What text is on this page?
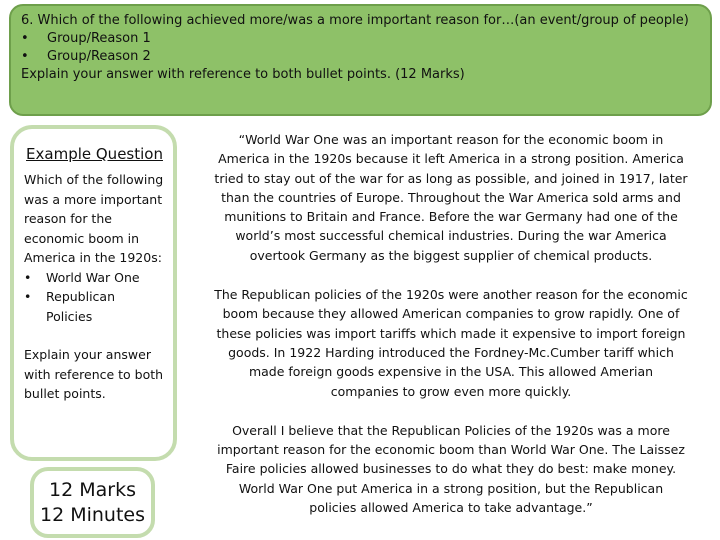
6. Which of the following achieved more/was a more important reason for…(an event/group of people)

•	Group/Reason 1
•	Group/Reason 2

Explain your answer with reference to both bullet points. (12 Marks)

Example Question

Which of the following was a more important reason for the economic boom in America in the 1920s:

•	World War One
•	Republican Policies

Explain your answer with reference to both bullet points.

12 Marks
12 Minutes

“World War One was an important reason for the economic boom in America in the 1920s because it left America in a strong position. America tried to stay out of the war for as long as possible, and joined in 1917, later than the countries of Europe. Throughout the War America sold arms and munitions to Britain and France. Before the war Germany had one of the world’s most successful chemical industries. During the war America overtook Germany as the biggest supplier of chemical products.

The Republican policies of the 1920s were another reason for the economic boom because they allowed American companies to grow rapidly. One of these policies was import tariffs which made it expensive to import foreign goods. In 1922 Harding introduced the Fordney-Mc.Cumber tariff which made foreign goods expensive in the USA. This allowed Amerian companies to grow even more quickly.

Overall I believe that the Republican Policies of the 1920s was a more important reason for the economic boom than World War One. The Laissez Faire policies allowed businesses to do what they do best: make money. World War One put America in a strong position, but the Republican policies allowed America to take advantage.”
